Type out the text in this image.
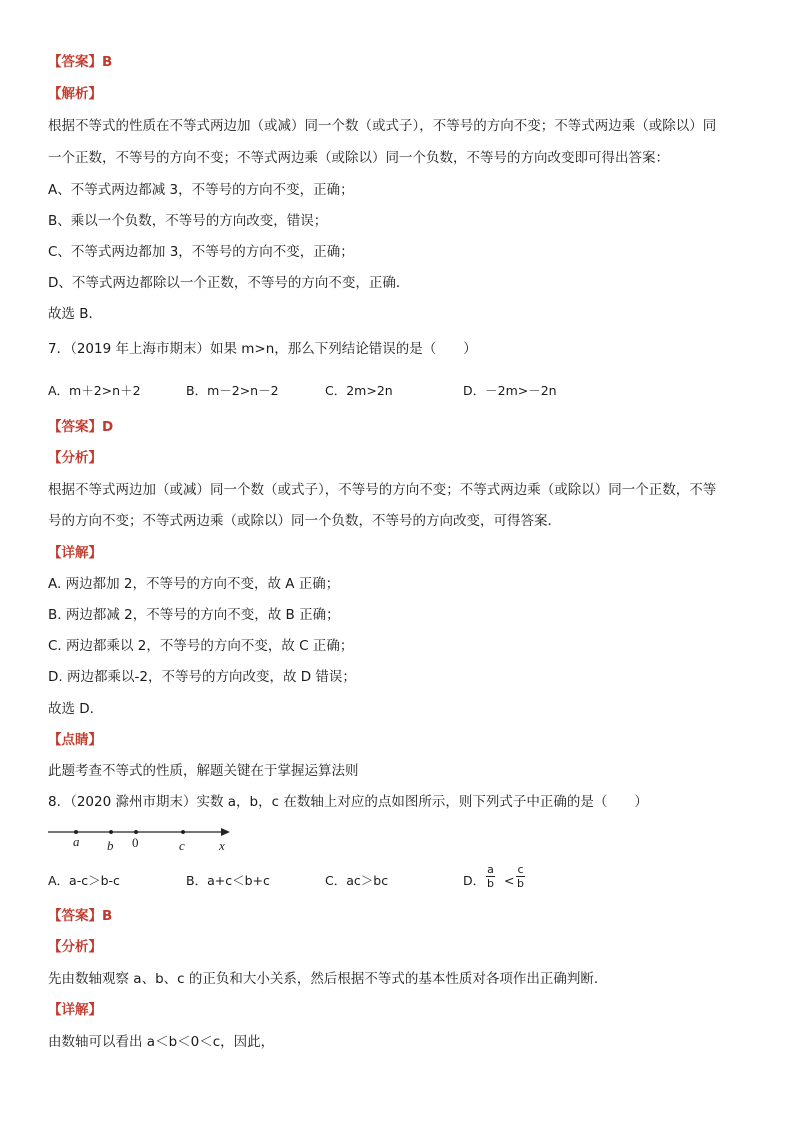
【答案】B
【解析】
根据不等式的性质在不等式两边加（或减）同一个数（或式子），不等号的方向不变；不等式两边乘（或除以）同
一个正数，不等号的方向不变；不等式两边乘（或除以）同一个负数，不等号的方向改变即可得出答案：
A、不等式两边都减 3，不等号的方向不变，正确；
B、乘以一个负数，不等号的方向改变，错误；
C、不等式两边都加 3，不等号的方向不变，正确；
D、不等式两边都除以一个正数，不等号的方向不变，正确．
故选 B．
7．（2019 年上海市期末）如果 m>n，那么下列结论错误的是（　　）
A．m＋2>n＋2	B．m－2>n－2	C．2m>2n	D．－2m>－2n
【答案】D
【分析】
根据不等式两边加（或减）同一个数（或式子），不等号的方向不变；不等式两边乘（或除以）同一个正数，不等
号的方向不变；不等式两边乘（或除以）同一个负数，不等号的方向改变，可得答案．
【详解】
A. 两边都加 2，不等号的方向不变，故 A 正确；
B. 两边都减 2，不等号的方向不变，故 B 正确；
C. 两边都乘以 2，不等号的方向不变，故 C 正确；
D. 两边都乘以-2，不等号的方向改变，故 D 错误；
故选 D.
【点睛】
此题考查不等式的性质，解题关键在于掌握运算法则
8．（2020 滁州市期末）实数 a，b，c 在数轴上对应的点如图所示，则下列式子中正确的是（　　）
a b 0	c	x
A．a-c＞b-c	B．a+c＜b+c	C．ac＞bc	D．
a
b <
c
b
【答案】B
【分析】
先由数轴观察 a、b、c 的正负和大小关系，然后根据不等式的基本性质对各项作出正确判断.
【详解】
由数轴可以看出 a＜b＜0＜c，因此，
